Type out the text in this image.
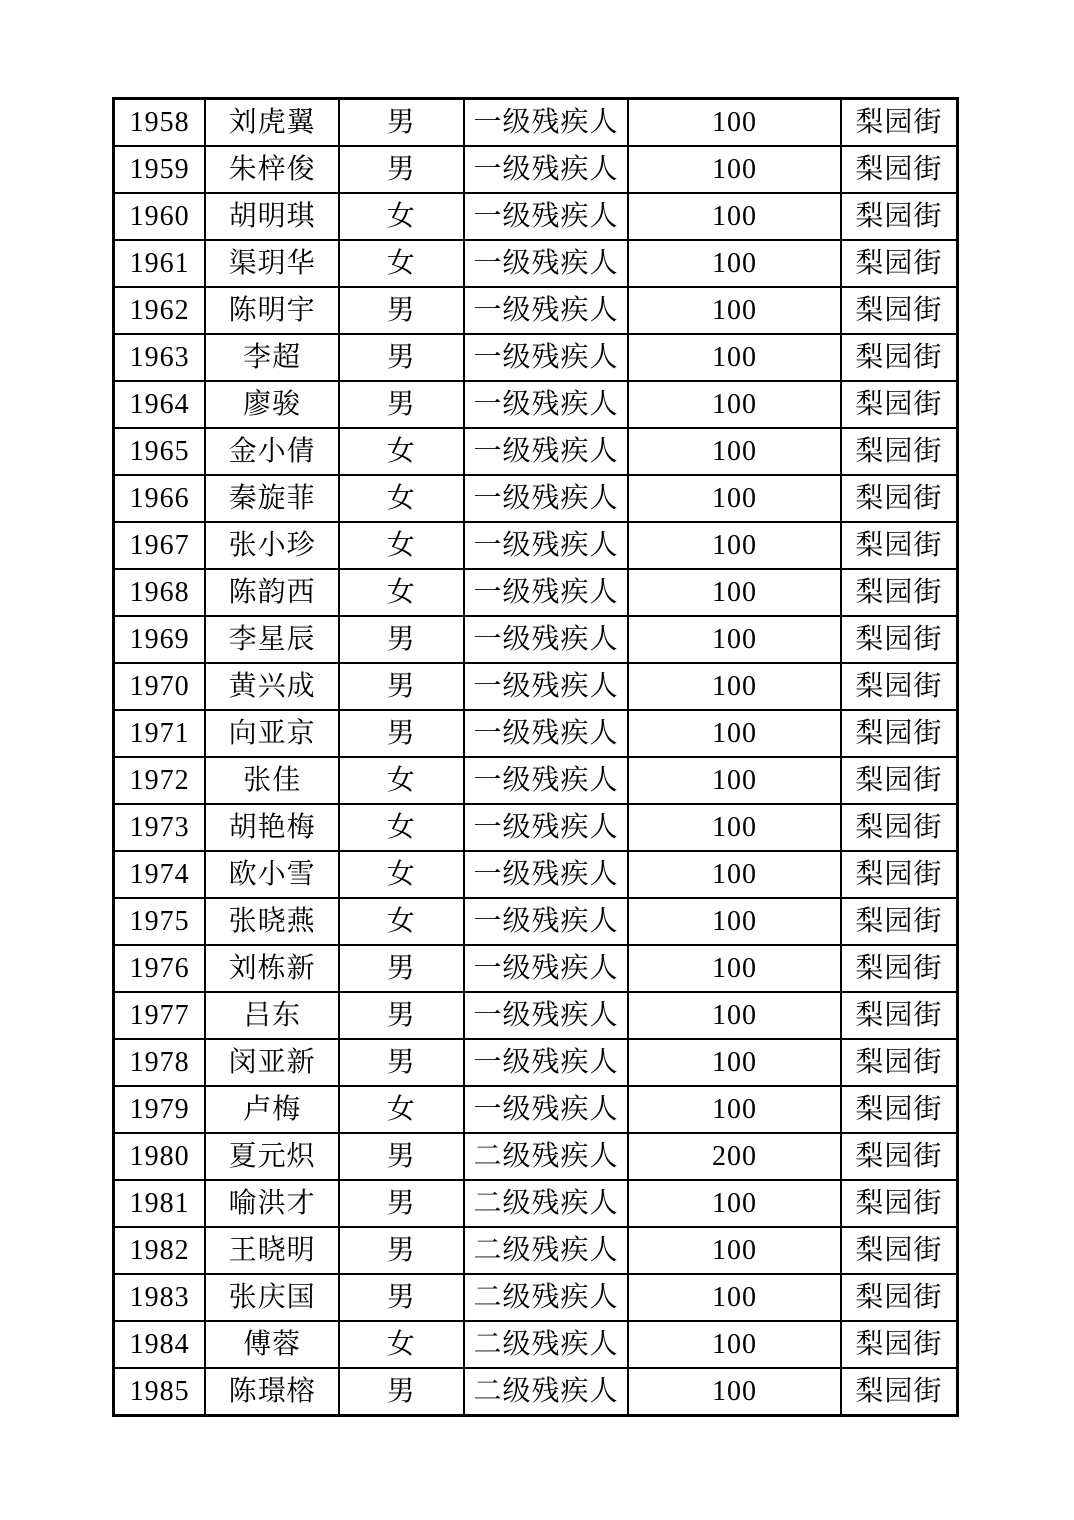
1958	刘虎翼	男	一级残疾人	100	梨园街
1959	朱梓俊	男	一级残疾人	100	梨园街
1960	胡明琪	女	一级残疾人	100	梨园街
1961	渠玥华	女	一级残疾人	100	梨园街
1962	陈明宇	男	一级残疾人	100	梨园街
1963	李超	男	一级残疾人	100	梨园街
1964	廖骏	男	一级残疾人	100	梨园街
1965	金小倩	女	一级残疾人	100	梨园街
1966	秦旋菲	女	一级残疾人	100	梨园街
1967	张小珍	女	一级残疾人	100	梨园街
1968	陈韵西	女	一级残疾人	100	梨园街
1969	李星辰	男	一级残疾人	100	梨园街
1970	黄兴成	男	一级残疾人	100	梨园街
1971	向亚京	男	一级残疾人	100	梨园街
1972	张佳	女	一级残疾人	100	梨园街
1973	胡艳梅	女	一级残疾人	100	梨园街
1974	欧小雪	女	一级残疾人	100	梨园街
1975	张晓燕	女	一级残疾人	100	梨园街
1976	刘栋新	男	一级残疾人	100	梨园街
1977	吕东	男	一级残疾人	100	梨园街
1978	闵亚新	男	一级残疾人	100	梨园街
1979	卢梅	女	一级残疾人	100	梨园街
1980	夏元炽	男	二级残疾人	200	梨园街
1981	喻洪才	男	二级残疾人	100	梨园街
1982	王晓明	男	二级残疾人	100	梨园街
1983	张庆国	男	二级残疾人	100	梨园街
1984	傅蓉	女	二级残疾人	100	梨园街
1985	陈璟榕	男	二级残疾人	100	梨园街
